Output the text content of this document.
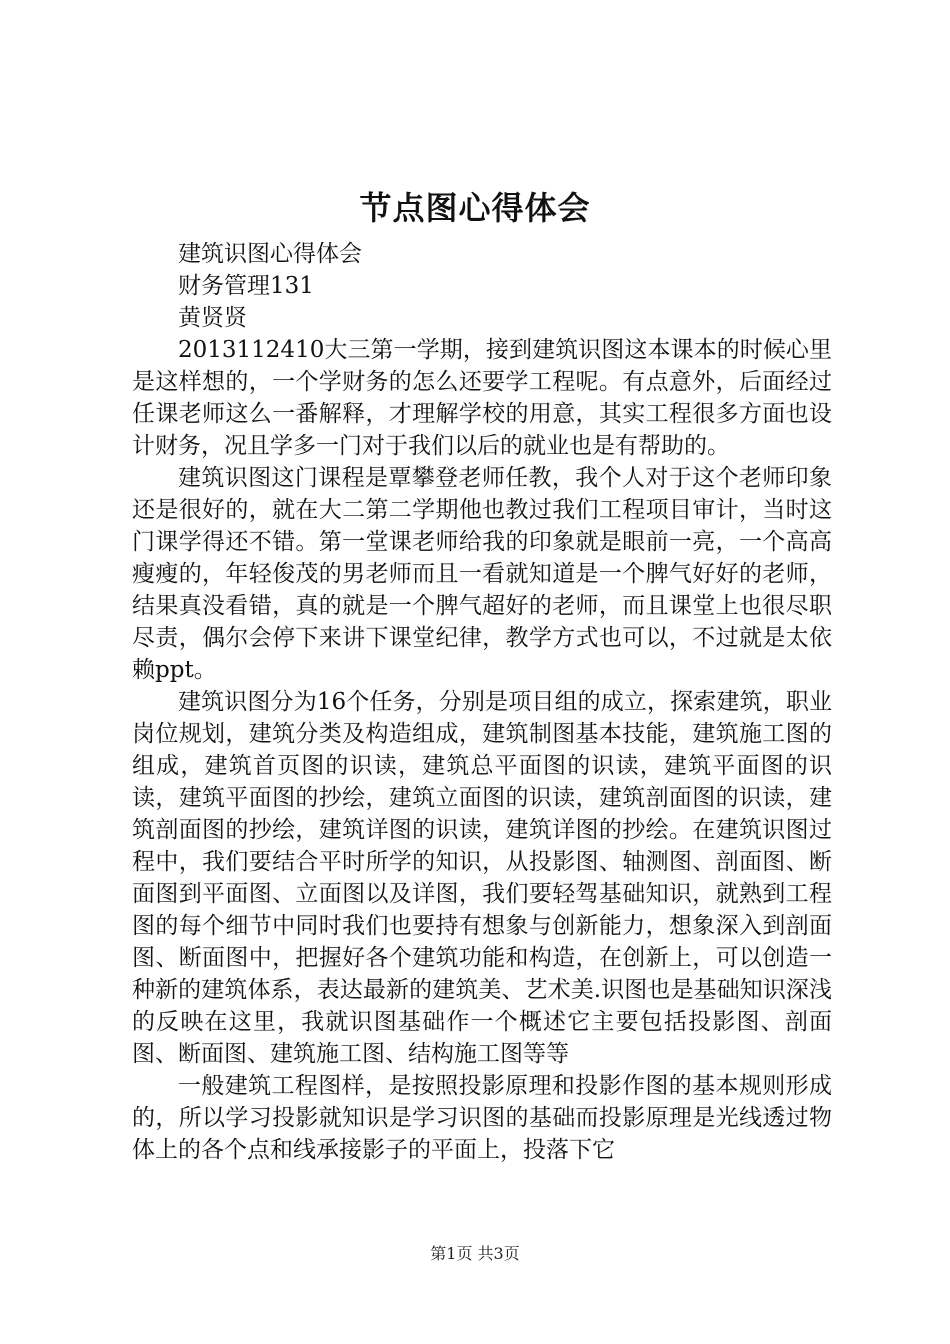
节点图心得体会

建筑识图心得体会

财务管理131

黄贤贤

2013112410大三第一学期，接到建筑识图这本课本的时候心里是这样想的，一个学财务的怎么还要学工程呢。有点意外，后面经过任课老师这么一番解释，才理解学校的用意，其实工程很多方面也设计财务，况且学多一门对于我们以后的就业也是有帮助的。

建筑识图这门课程是覃攀登老师任教，我个人对于这个老师印象还是很好的，就在大二第二学期他也教过我们工程项目审计，当时这门课学得还不错。第一堂课老师给我的印象就是眼前一亮，一个高高瘦瘦的，年轻俊茂的男老师而且一看就知道是一个脾气好好的老师，结果真没看错，真的就是一个脾气超好的老师，而且课堂上也很尽职尽责，偶尔会停下来讲下课堂纪律，教学方式也可以，不过就是太依赖ppt。

建筑识图分为16个任务，分别是项目组的成立，探索建筑，职业岗位规划，建筑分类及构造组成，建筑制图基本技能，建筑施工图的组成，建筑首页图的识读，建筑总平面图的识读，建筑平面图的识读，建筑平面图的抄绘，建筑立面图的识读，建筑剖面图的识读，建筑剖面图的抄绘，建筑详图的识读，建筑详图的抄绘。在建筑识图过程中，我们要结合平时所学的知识，从投影图、轴测图、剖面图、断面图到平面图、立面图以及详图，我们要轻驾基础知识，就熟到工程图的每个细节中同时我们也要持有想象与创新能力，想象深入到剖面图、断面图中，把握好各个建筑功能和构造，在创新上，可以创造一种新的建筑体系，表达最新的建筑美、艺术美.识图也是基础知识深浅的反映在这里，我就识图基础作一个概述它主要包括投影图、剖面图、断面图、建筑施工图、结构施工图等等

一般建筑工程图样，是按照投影原理和投影作图的基本规则形成的，所以学习投影就知识是学习识图的基础而投影原理是光线透过物体上的各个点和线承接影子的平面上，投落下它

第1页 共3页
